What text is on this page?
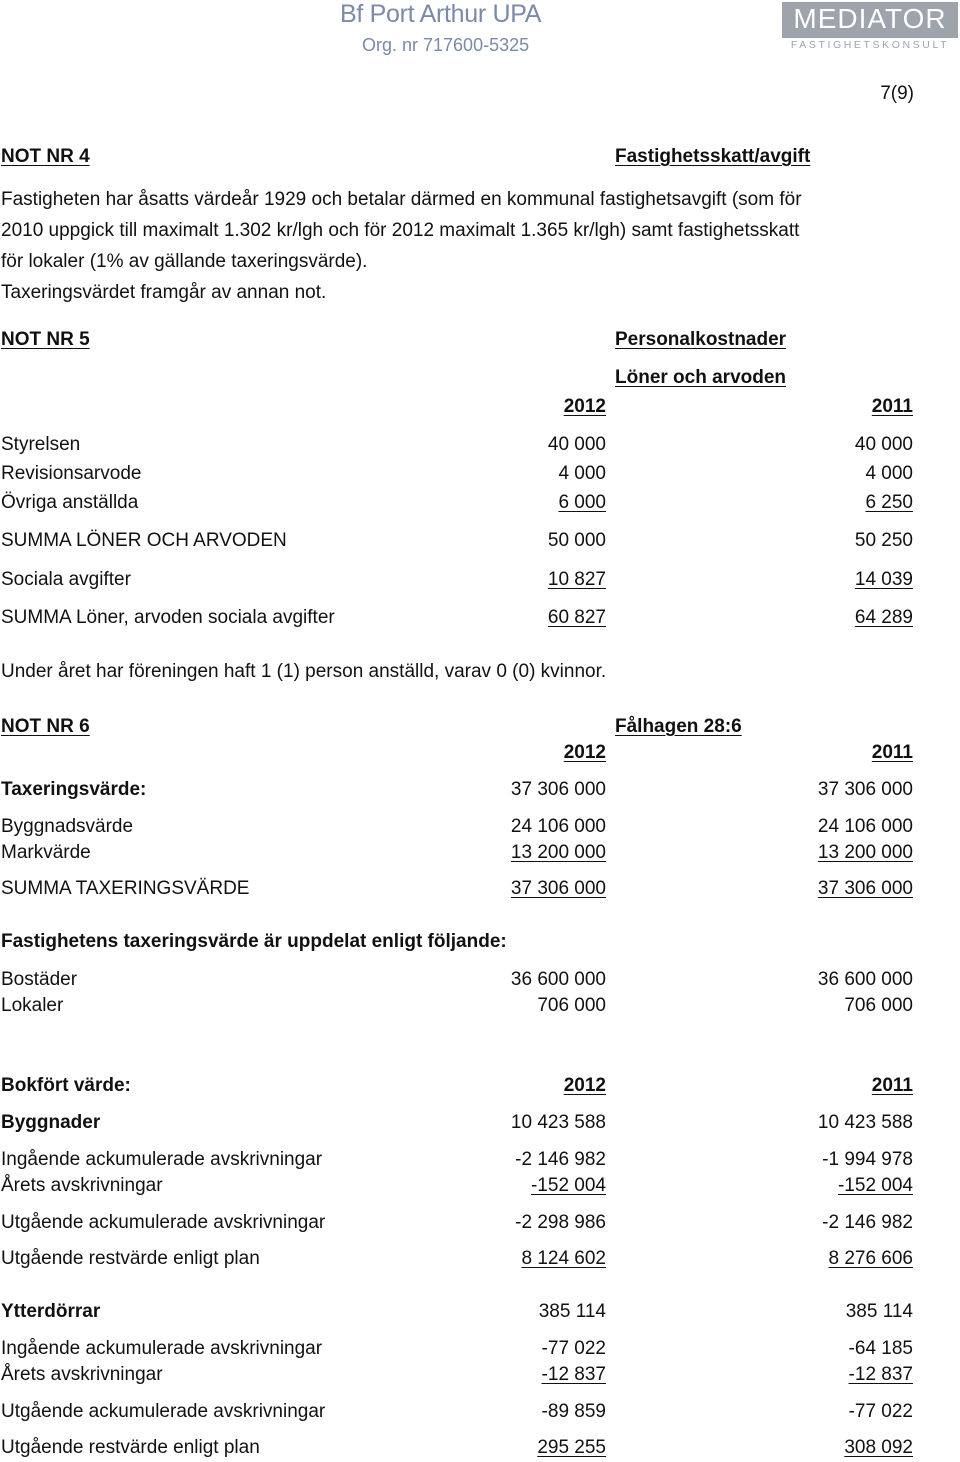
Bf Port Arthur UPA
Org. nr 717600-5325
MEDIATOR
FASTIGHETSKONSULT
7(9)
NOT NR 4	Fastighetsskatt/avgift
Fastigheten har åsatts värdeår 1929 och betalar därmed en kommunal fastighetsavgift (som för
2010 uppgick till maximalt 1.302 kr/lgh och för 2012 maximalt 1.365 kr/lgh) samt fastighetsskatt
för lokaler (1% av gällande taxeringsvärde).
Taxeringsvärdet framgår av annan not.
NOT NR 5	Personalkostnader
Löner och arvoden
2012	2011
Styrelsen	40 000	40 000
Revisionsarvode	4 000	4 000
Övriga anställda	6 000	6 250
SUMMA LÖNER OCH ARVODEN	50 000	50 250
Sociala avgifter	10 827	14 039
SUMMA Löner, arvoden sociala avgifter	60 827	64 289
Under året har föreningen haft 1 (1) person anställd, varav 0 (0) kvinnor.
NOT NR 6	Fålhagen 28:6
2012	2011
Taxeringsvärde:	37 306 000	37 306 000
Byggnadsvärde	24 106 000	24 106 000
Markvärde	13 200 000	13 200 000
SUMMA TAXERINGSVÄRDE	37 306 000	37 306 000
Fastighetens taxeringsvärde är uppdelat enligt följande:
Bostäder	36 600 000	36 600 000
Lokaler	706 000	706 000
Bokfört värde:	2012	2011
Byggnader	10 423 588	10 423 588
Ingående ackumulerade avskrivningar	-2 146 982	-1 994 978
Årets avskrivningar	-152 004	-152 004
Utgående ackumulerade avskrivningar	-2 298 986	-2 146 982
Utgående restvärde enligt plan	8 124 602	8 276 606
Ytterdörrar	385 114	385 114
Ingående ackumulerade avskrivningar	-77 022	-64 185
Årets avskrivningar	-12 837	-12 837
Utgående ackumulerade avskrivningar	-89 859	-77 022
Utgående restvärde enligt plan	295 255	308 092
